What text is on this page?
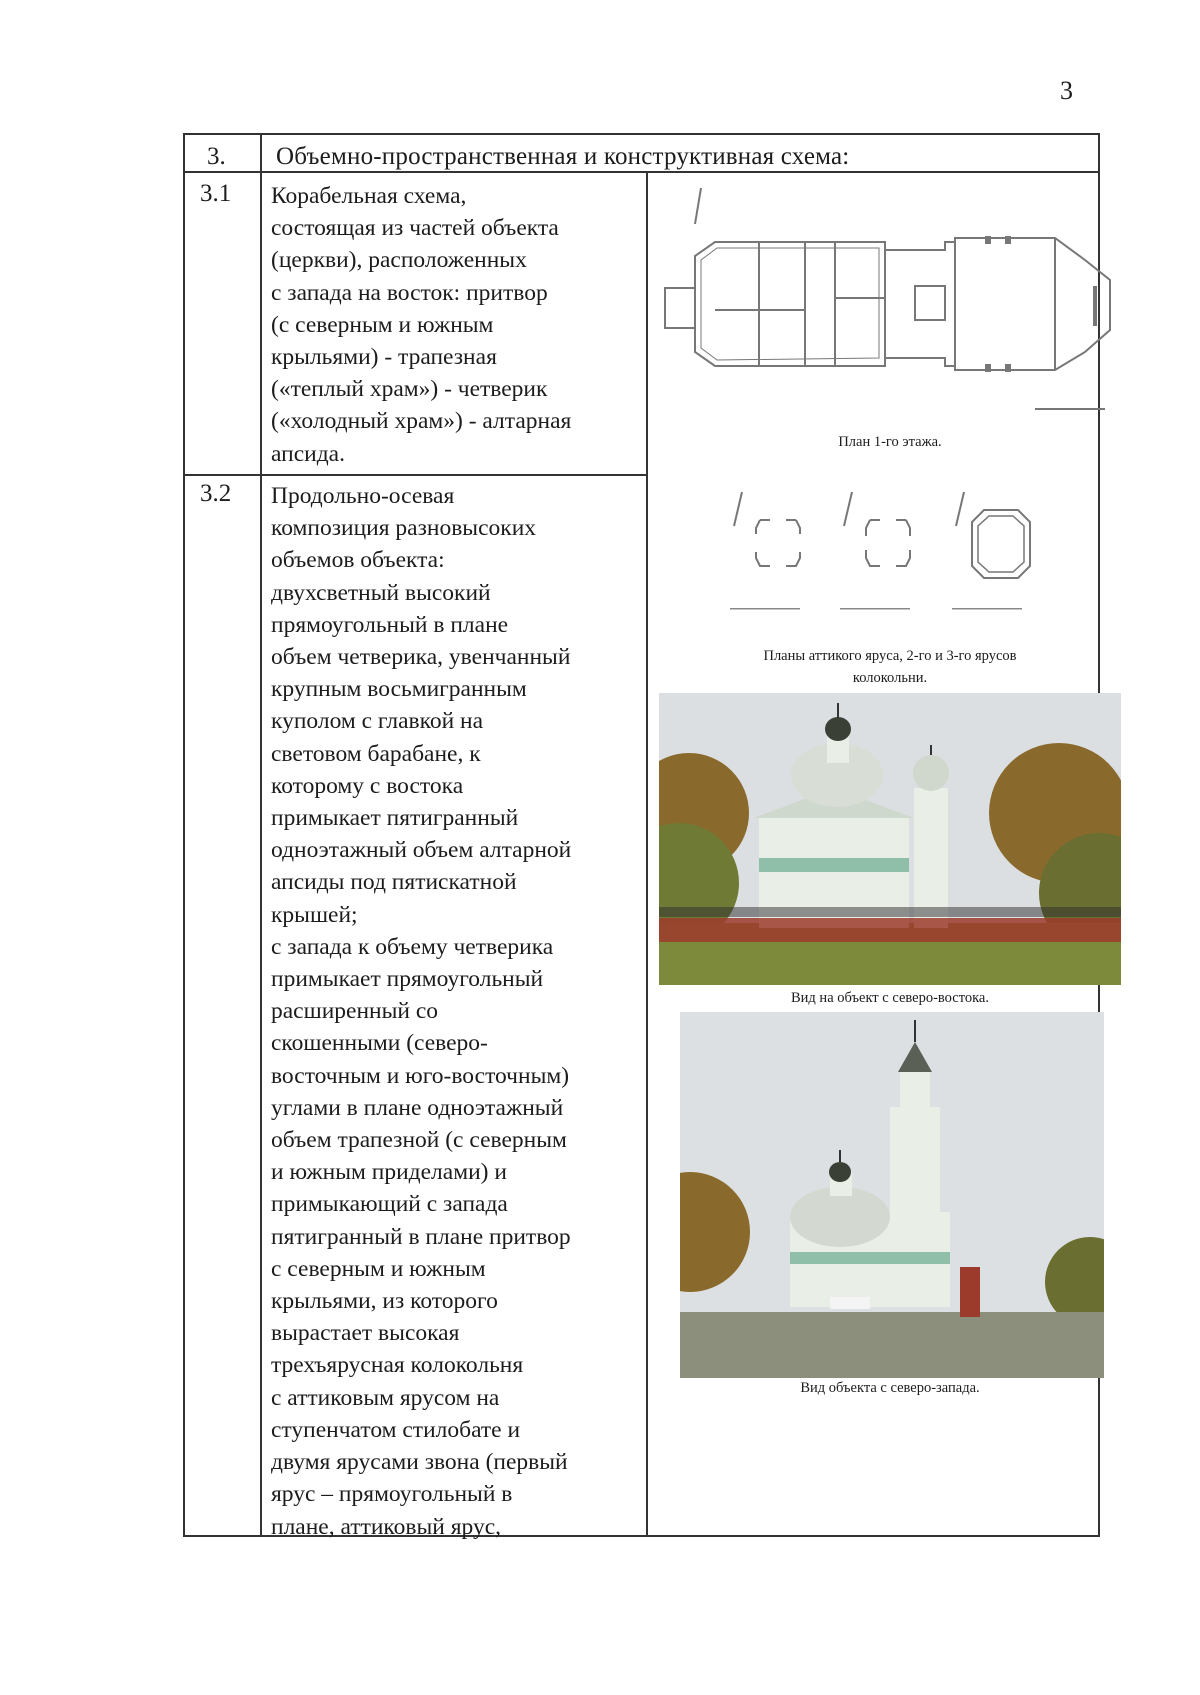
3
3. Объемно-пространственная и конструктивная схема:
3.1 Корабельная схема,
состоящая из частей объекта
(церкви), расположенных
с запада на восток: притвор
(с северным и южным
крыльями) - трапезная
(«теплый храм») - четверик
(«холодный храм») - алтарная
апсида.
3.2 Продольно-осевая
композиция разновысоких
объемов объекта:
двухсветный высокий
прямоугольный в плане
объем четверика, увенчанный
крупным восьмигранным
куполом с главкой на
световом барабане, к
которому с востока
примыкает пятигранный
одноэтажный объем алтарной
апсиды под пятискатной
крышей;
с запада к объему четверика
примыкает прямоугольный
расширенный со
скошенными (северо-
восточным и юго-восточным)
углами в плане одноэтажный
объем трапезной (с северным
и южным приделами) и
примыкающий с запада
пятигранный в плане притвор
с северным и южным
крыльями, из которого
вырастает высокая
трехъярусная колокольня
с аттиковым ярусом на
ступенчатом стилобате и
двумя ярусами звона (первый
ярус – прямоугольный в
плане, аттиковый ярус,
План 1-го этажа.
Планы аттикого яруса, 2-го и 3-го ярусов
колокольни.
Вид на объект с северо-востока.
Вид объекта с северо-запада.
